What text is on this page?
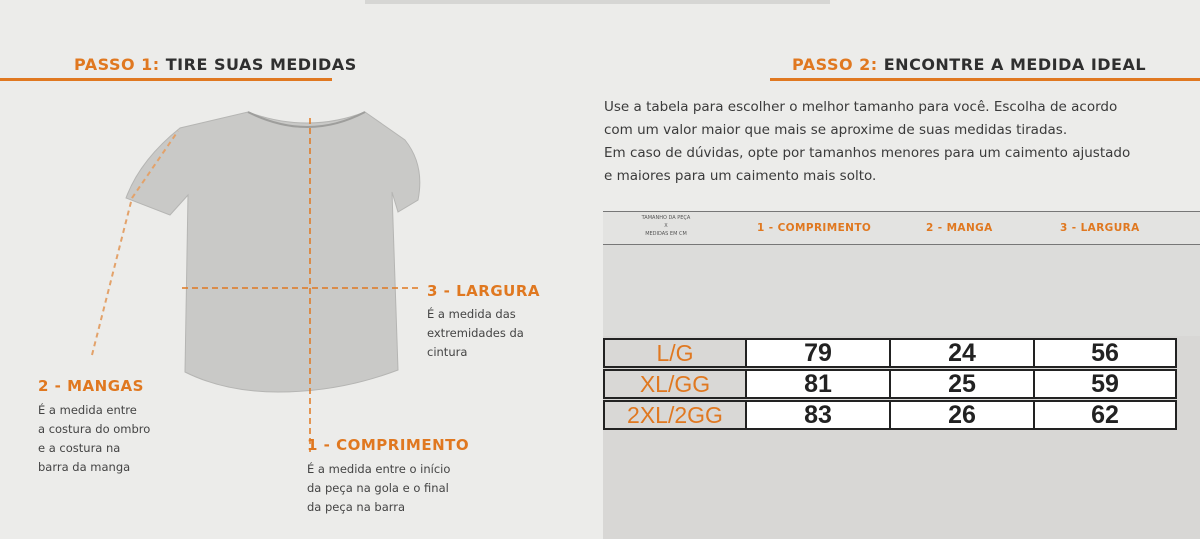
PASSO 1: TIRE SUAS MEDIDAS
3 - LARGURA
É a medida das
extremidades da
cintura
2 - MANGAS
É a medida entre
a costura do ombro
e a costura na
barra da manga
1 - COMPRIMENTO
É a medida entre o início
da peça na gola e o final
da peça na barra
PASSO 2: ENCONTRE A MEDIDA IDEAL
Use a tabela para escolher o melhor tamanho para você. Escolha de acordo
com um valor maior que mais se aproxime de suas medidas tiradas.
Em caso de dúvidas, opte por tamanhos menores para um caimento ajustado
e maiores para um caimento mais solto.
TAMANHO DA PEÇA
X
MEDIDAS EM CM	1 - COMPRIMENTO	2 - MANGA	3 - LARGURA
L/G	79	24	56
XL/GG	81	25	59
2XL/2GG	83	26	62
